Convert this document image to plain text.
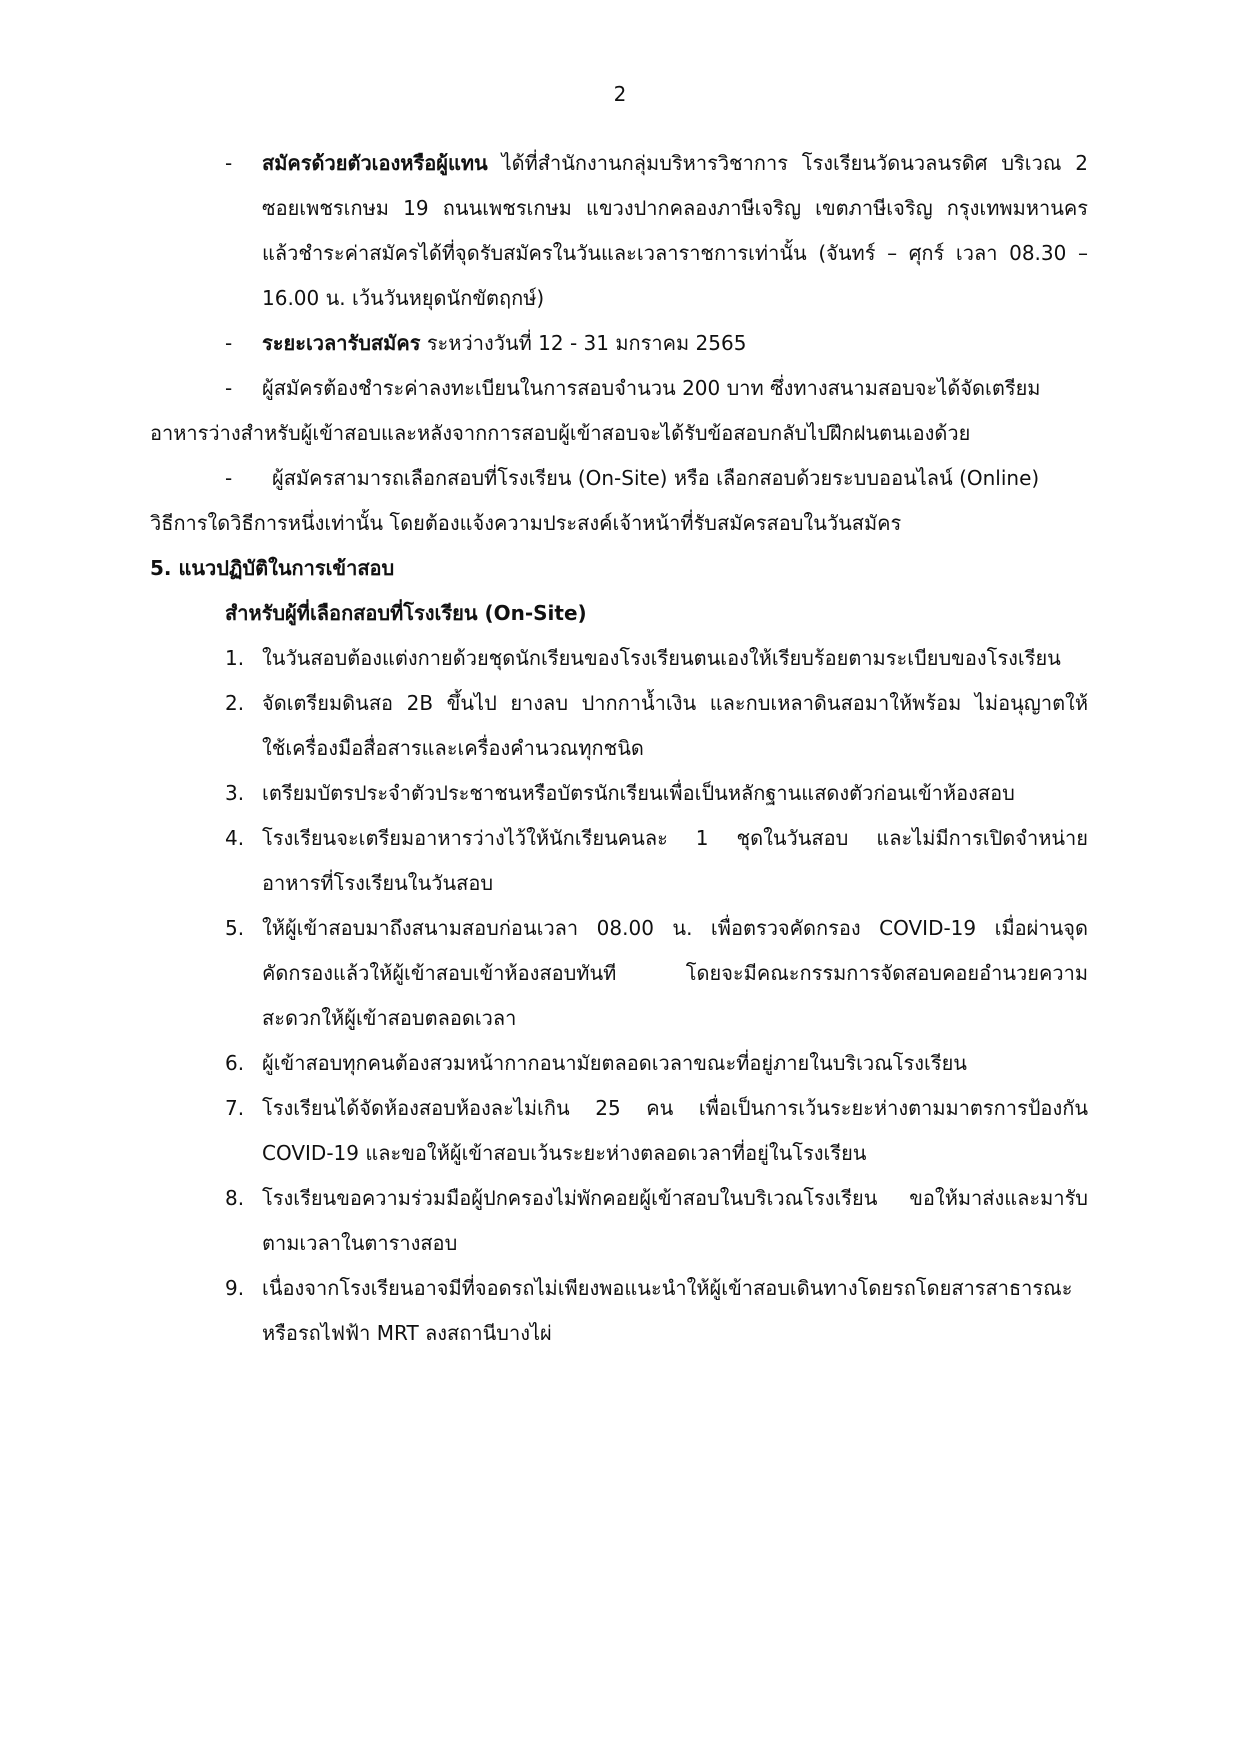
2
- สมัครด้วยตัวเองหรือผู้แทน ได้ที่สำนักงานกลุ่มบริหารวิชาการ โรงเรียนวัดนวลนรดิศ บริเวณ 2
ซอยเพชรเกษม 19 ถนนเพชรเกษม แขวงปากคลองภาษีเจริญ เขตภาษีเจริญ กรุงเทพมหานคร
แล้วชำระค่าสมัครได้ที่จุดรับสมัครในวันและเวลาราชการเท่านั้น (จันทร์ – ศุกร์ เวลา 08.30 –
16.00 น. เว้นวันหยุดนักขัตฤกษ์)
- ระยะเวลารับสมัคร ระหว่างวันที่ 12 - 31 มกราคม 2565
- ผู้สมัครต้องชำระค่าลงทะเบียนในการสอบจำนวน 200 บาท ซึ่งทางสนามสอบจะได้จัดเตรียม
อาหารว่างสำหรับผู้เข้าสอบและหลังจากการสอบผู้เข้าสอบจะได้รับข้อสอบกลับไปฝึกฝนตนเองด้วย
- ผู้สมัครสามารถเลือกสอบที่โรงเรียน (On-Site) หรือ เลือกสอบด้วยระบบออนไลน์ (Online)
วิธีการใดวิธีการหนึ่งเท่านั้น โดยต้องแจ้งความประสงค์เจ้าหน้าที่รับสมัครสอบในวันสมัคร
5. แนวปฏิบัติในการเข้าสอบ
สำหรับผู้ที่เลือกสอบที่โรงเรียน (On-Site)
1. ในวันสอบต้องแต่งกายด้วยชุดนักเรียนของโรงเรียนตนเองให้เรียบร้อยตามระเบียบของโรงเรียน
2. จัดเตรียมดินสอ 2B ขึ้นไป ยางลบ ปากกาน้ำเงิน และกบเหลาดินสอมาให้พร้อม ไม่อนุญาตให้
ใช้เครื่องมือสื่อสารและเครื่องคำนวณทุกชนิด
3. เตรียมบัตรประจำตัวประชาชนหรือบัตรนักเรียนเพื่อเป็นหลักฐานแสดงตัวก่อนเข้าห้องสอบ
4. โรงเรียนจะเตรียมอาหารว่างไว้ให้นักเรียนคนละ 1 ชุดในวันสอบ และไม่มีการเปิดจำหน่าย
อาหารที่โรงเรียนในวันสอบ
5. ให้ผู้เข้าสอบมาถึงสนามสอบก่อนเวลา 08.00 น. เพื่อตรวจคัดกรอง COVID-19 เมื่อผ่านจุด
คัดกรองแล้วให้ผู้เข้าสอบเข้าห้องสอบทันที โดยจะมีคณะกรรมการจัดสอบคอยอำนวยความ
สะดวกให้ผู้เข้าสอบตลอดเวลา
6. ผู้เข้าสอบทุกคนต้องสวมหน้ากากอนามัยตลอดเวลาขณะที่อยู่ภายในบริเวณโรงเรียน
7. โรงเรียนได้จัดห้องสอบห้องละไม่เกิน 25 คน เพื่อเป็นการเว้นระยะห่างตามมาตรการป้องกัน
COVID-19 และขอให้ผู้เข้าสอบเว้นระยะห่างตลอดเวลาที่อยู่ในโรงเรียน
8. โรงเรียนขอความร่วมมือผู้ปกครองไม่พักคอยผู้เข้าสอบในบริเวณโรงเรียน ขอให้มาส่งและมารับ
ตามเวลาในตารางสอบ
9. เนื่องจากโรงเรียนอาจมีที่จอดรถไม่เพียงพอแนะนำให้ผู้เข้าสอบเดินทางโดยรถโดยสารสาธารณะ
หรือรถไฟฟ้า MRT ลงสถานีบางไผ่
